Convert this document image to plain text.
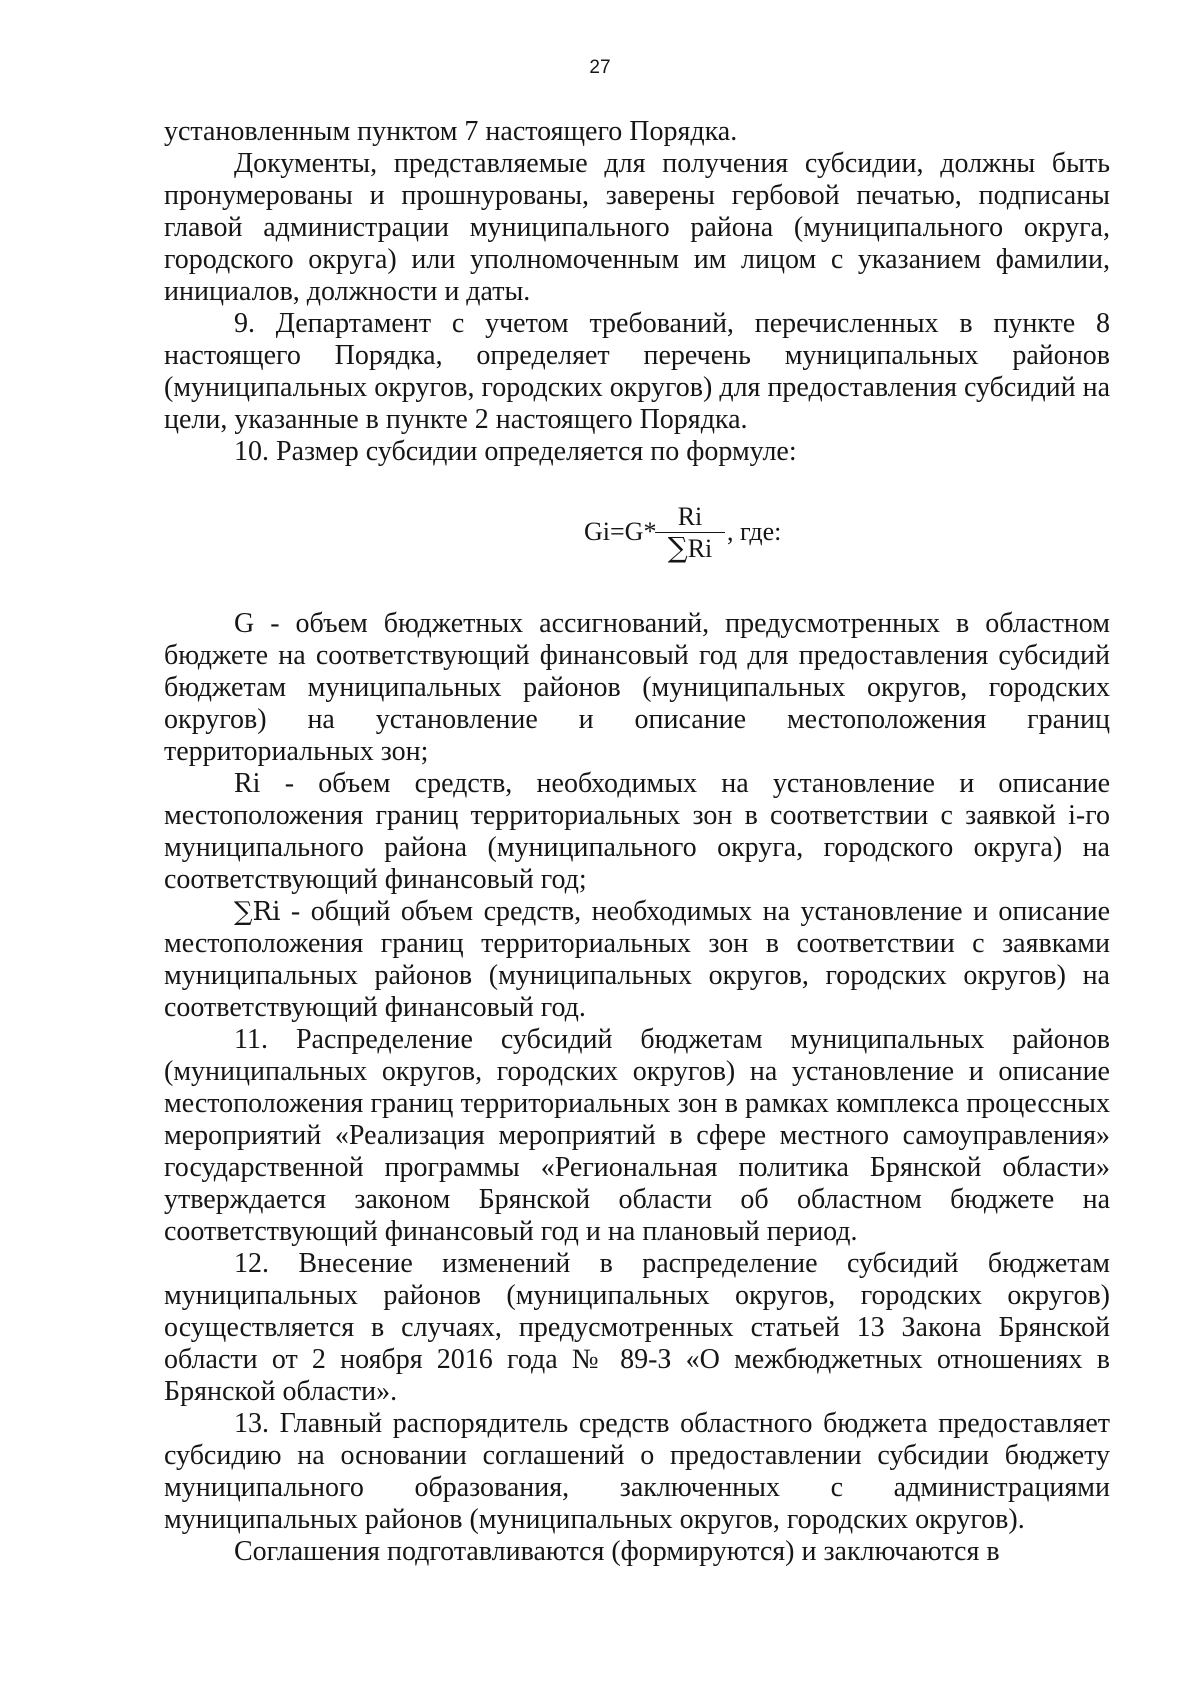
27

установленным пунктом 7 настоящего Порядка.

Документы, представляемые для получения субсидии, должны быть пронумерованы и прошнурованы, заверены гербовой печатью, подписаны главой администрации муниципального района (муниципального округа, городского округа) или уполномоченным им лицом с указанием фамилии, инициалов, должности и даты.

9. Департамент с учетом требований, перечисленных в пункте 8 настоящего Порядка, определяет перечень муниципальных районов (муниципальных округов, городских округов) для предоставления субсидий на цели, указанные в пункте 2 настоящего Порядка.

10. Размер субсидии определяется по формуле:

Gi=G*
$\frac{Ri}{\sum Ri}$ , где:

G - объем бюджетных ассигнований, предусмотренных в областном бюджете на соответствующий финансовый год для предоставления субсидий бюджетам муниципальных районов (муниципальных округов, городских округов) на установление и описание местоположения границ территориальных зон;

Ri - объем средств, необходимых на установление и описание местоположения границ территориальных зон в соответствии с заявкой i-го муниципального района (муниципального округа, городского округа) на соответствующий финансовый год;

∑Ri - общий объем средств, необходимых на установление и описание местоположения границ территориальных зон в соответствии с заявками муниципальных районов (муниципальных округов, городских округов) на соответствующий финансовый год.

11. Распределение субсидий бюджетам муниципальных районов (муниципальных округов, городских округов) на установление и описание местоположения границ территориальных зон в рамках комплекса процессных мероприятий «Реализация мероприятий в сфере местного самоуправления» государственной программы «Региональная политика Брянской области» утверждается законом Брянской области об областном бюджете на соответствующий финансовый год и на плановый период.

12. Внесение изменений в распределение субсидий бюджетам муниципальных районов (муниципальных округов, городских округов) осуществляется в случаях, предусмотренных статьей 13 Закона Брянской области от 2 ноября 2016 года № 89-З «О межбюджетных отношениях в Брянской области».

13. Главный распорядитель средств областного бюджета предоставляет субсидию на основании соглашений о предоставлении субсидии бюджету муниципального образования, заключенных с администрациями муниципальных районов (муниципальных округов, городских округов).

Соглашения подготавливаются (формируются) и заключаются в
